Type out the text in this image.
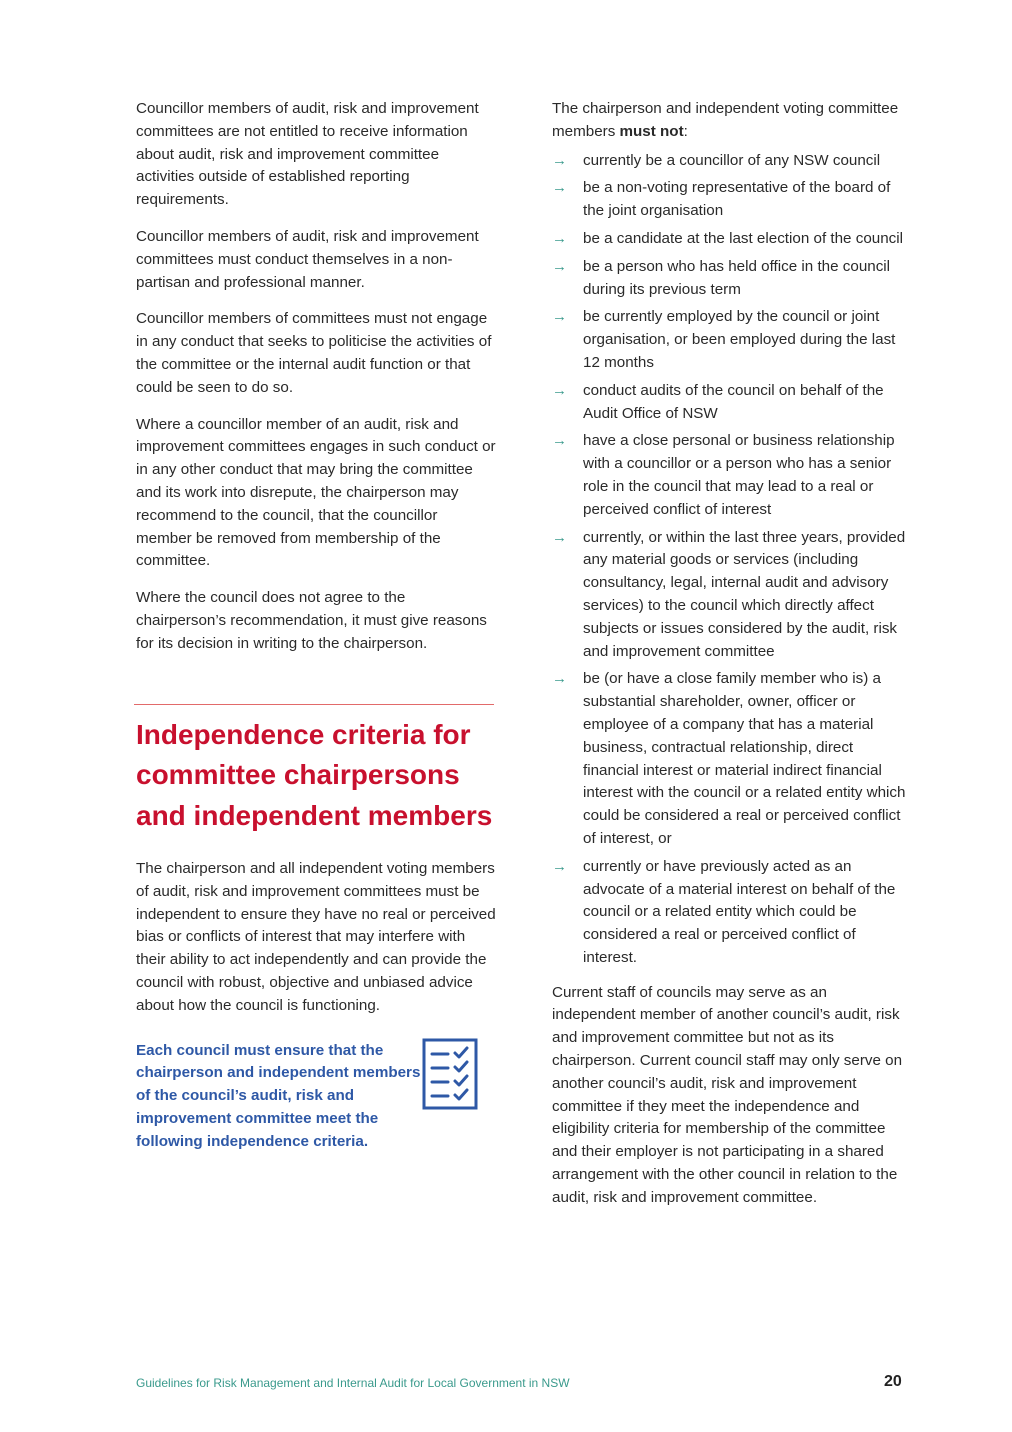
Councillor members of audit, risk and improvement committees are not entitled to receive information about audit, risk and improvement committee activities outside of established reporting requirements.

Councillor members of audit, risk and improvement committees must conduct themselves in a non-partisan and professional manner.

Councillor members of committees must not engage in any conduct that seeks to politicise the activities of the committee or the internal audit function or that could be seen to do so.

Where a councillor member of an audit, risk and improvement committees engages in such conduct or in any other conduct that may bring the committee and its work into disrepute, the chairperson may recommend to the council, that the councillor member be removed from membership of the committee.

Where the council does not agree to the chairperson’s recommendation, it must give reasons for its decision in writing to the chairperson.

Independence criteria for committee chairpersons and independent members

The chairperson and all independent voting members of audit, risk and improvement committees must be independent to ensure they have no real or perceived bias or conflicts of interest that may interfere with their ability to act independently and can provide the council with robust, objective and unbiased advice about how the council is functioning.

Each council must ensure that the chairperson and independent members of the council’s audit, risk and improvement committee meet the following independence criteria.

The chairperson and independent voting committee members must not:

→	currently be a councillor of any NSW council
→	be a non-voting representative of the board of the joint organisation
→	be a candidate at the last election of the council
→	be a person who has held office in the council during its previous term
→	be currently employed by the council or joint organisation, or been employed during the last 12 months
→	conduct audits of the council on behalf of the Audit Office of NSW
→	have a close personal or business relationship with a councillor or a person who has a senior role in the council that may lead to a real or perceived conflict of interest
→	currently, or within the last three years, provided any material goods or services (including consultancy, legal, internal audit and advisory services) to the council which directly affect subjects or issues considered by the audit, risk and improvement committee
→	be (or have a close family member who is) a substantial shareholder, owner, officer or employee of a company that has a material business, contractual relationship, direct financial interest or material indirect financial interest with the council or a related entity which could be considered a real or perceived conflict of interest, or
→	currently or have previously acted as an advocate of a material interest on behalf of the council or a related entity which could be considered a real or perceived conflict of interest.

Current staff of councils may serve as an independent member of another council’s audit, risk and improvement committee but not as its chairperson. Current council staff may only serve on another council’s audit, risk and improvement committee if they meet the independence and eligibility criteria for membership of the committee and their employer is not participating in a shared arrangement with the other council in relation to the audit, risk and improvement committee.

Guidelines for Risk Management and Internal Audit for Local Government in NSW	20
